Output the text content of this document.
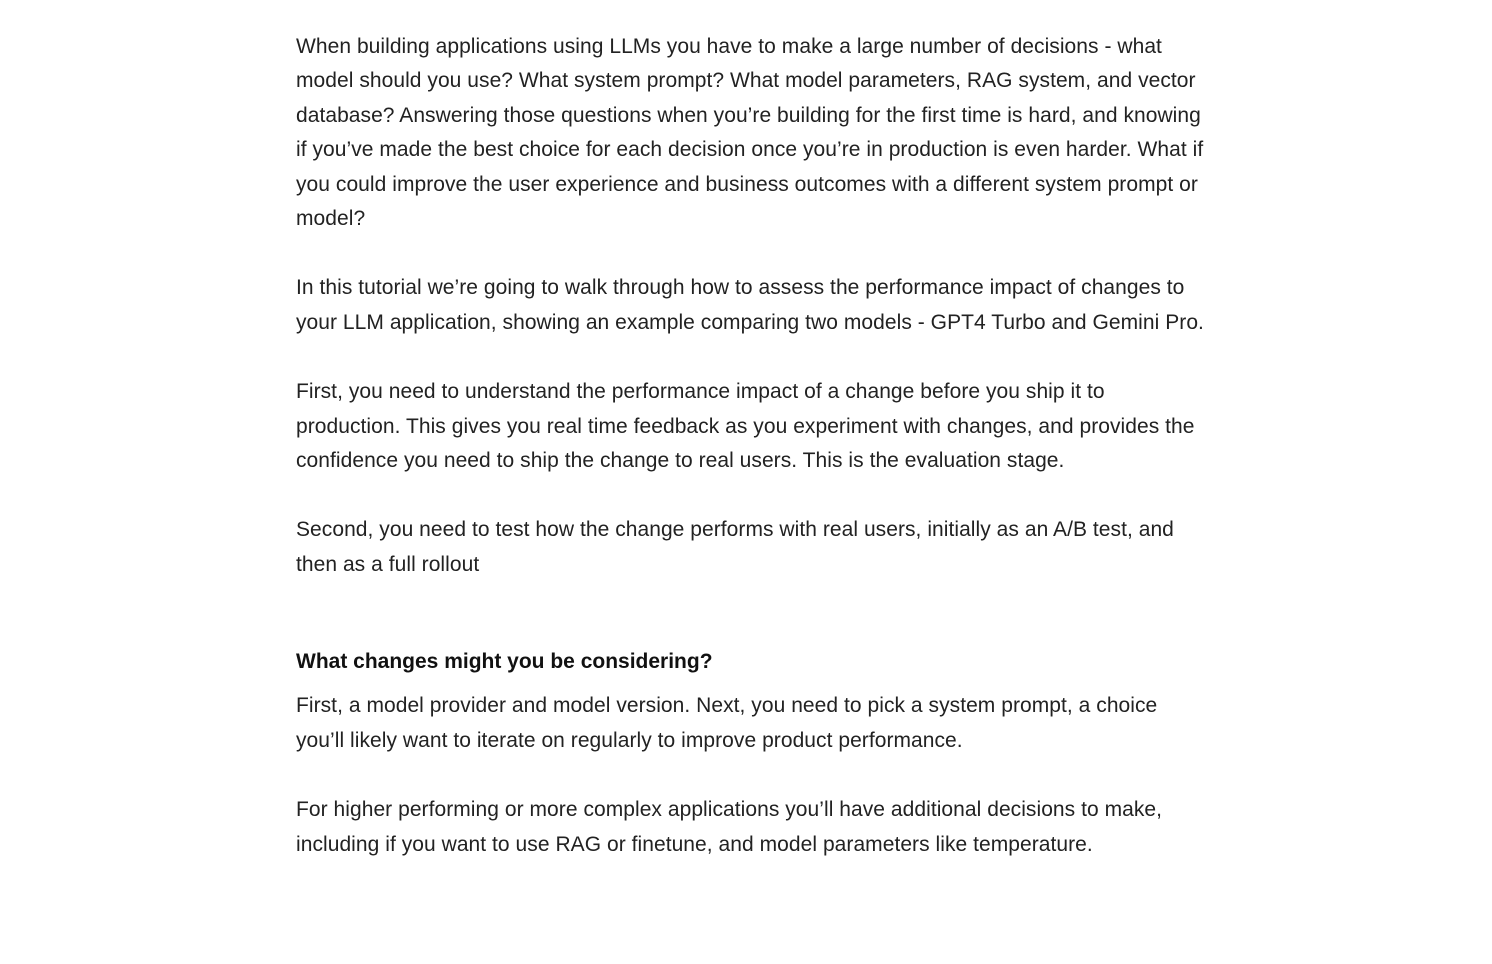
When building applications using LLMs you have to make a large number of decisions - what model should you use? What system prompt? What model parameters, RAG system, and vector database? Answering those questions when you’re building for the first time is hard, and knowing if you’ve made the best choice for each decision once you’re in production is even harder. What if you could improve the user experience and business outcomes with a different system prompt or model?

In this tutorial we’re going to walk through how to assess the performance impact of changes to your LLM application, showing an example comparing two models - GPT4 Turbo and Gemini Pro.

First, you need to understand the performance impact of a change before you ship it to production. This gives you real time feedback as you experiment with changes, and provides the confidence you need to ship the change to real users. This is the evaluation stage.

Second, you need to test how the change performs with real users, initially as an A/B test, and then as a full rollout

What changes might you be considering?

First, a model provider and model version. Next, you need to pick a system prompt, a choice you’ll likely want to iterate on regularly to improve product performance.

For higher performing or more complex applications you’ll have additional decisions to make, including if you want to use RAG or finetune, and model parameters like temperature.
